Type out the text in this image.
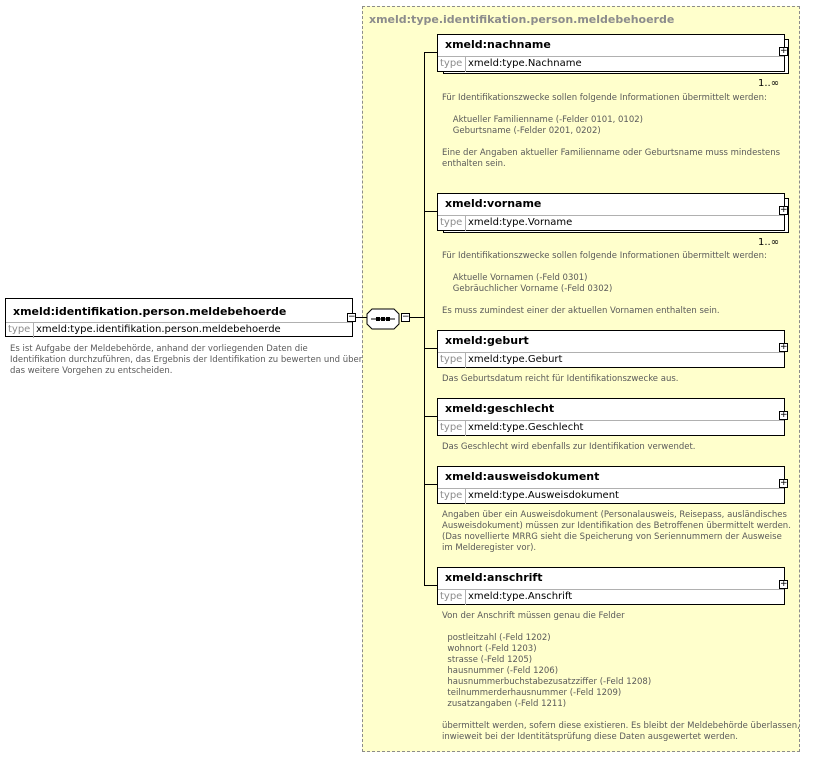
xmeld:type.identifikation.person.meldebehoerde
xmeld:identifikation.person.meldebehoerde
type xmeld:type.identifikation.person.meldebehoerde
−
Es ist Aufgabe der Meldebehörde, anhand der vorliegenden Daten die
Identifikation durchzuführen, das Ergebnis der Identifikation zu bewerten und über
das weitere Vorgehen zu entscheiden.
−
xmeld:nachname
type xmeld:type.Nachname
+
1..∞
Für Identifikationszwecke sollen folgende Informationen übermittelt werden:

Aktueller Familienname (-Felder 0101, 0102)
Geburtsname (-Felder 0201, 0202)

Eine der Angaben aktueller Familienname oder Geburtsname muss mindestens
enthalten sein.
xmeld:vorname
type xmeld:type.Vorname
+
1..∞
Für Identifikationszwecke sollen folgende Informationen übermittelt werden:

Aktuelle Vornamen (-Feld 0301)
Gebräuchlicher Vorname (-Feld 0302)

Es muss zumindest einer der aktuellen Vornamen enthalten sein.
xmeld:geburt
type xmeld:type.Geburt
+
Das Geburtsdatum reicht für Identifikationszwecke aus.
xmeld:geschlecht
type xmeld:type.Geschlecht
+
Das Geschlecht wird ebenfalls zur Identifikation verwendet.
xmeld:ausweisdokument
type xmeld:type.Ausweisdokument
+
Angaben über ein Ausweisdokument (Personalausweis, Reisepass, ausländisches
Ausweisdokument) müssen zur Identifikation des Betroffenen übermittelt werden.
(Das novellierte MRRG sieht die Speicherung von Seriennummern der Ausweise
im Melderegister vor).
xmeld:anschrift
type xmeld:type.Anschrift
+
Von der Anschrift müssen genau die Felder

postleitzahl (-Feld 1202)
wohnort (-Feld 1203)
strasse (-Feld 1205)
hausnummer (-Feld 1206)
hausnummerbuchstabezusatzziffer (-Feld 1208)
teilnummerderhausnummer (-Feld 1209)
zusatzangaben (-Feld 1211)

übermittelt werden, sofern diese existieren. Es bleibt der Meldebehörde überlassen,
inwieweit bei der Identitätsprüfung diese Daten ausgewertet werden.
